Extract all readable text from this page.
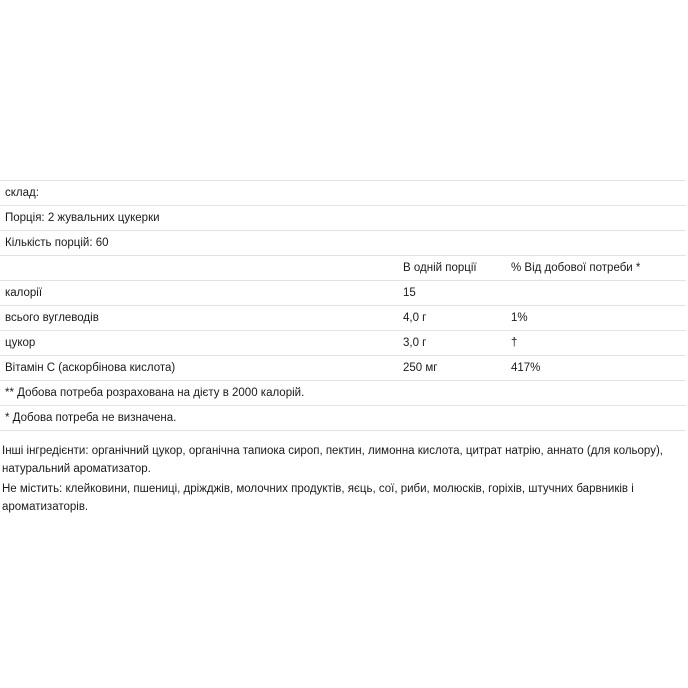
склад:		
Порція: 2 жувальних цукерки		
Кількість порцій: 60		
	В одній порції	% Від добової потреби *
калорії	15	
всього вуглеводів	4,0 г	1%
цукор	3,0 г	†
Вітамін С (аскорбінова кислота)	250 мг	417%
** Добова потреба розрахована на дієту в 2000 калорій.		
* Добова потреба не визначена.		

Інші інгредієнти: органічний цукор, органічна тапиока сироп, пектин, лимонна кислота, цитрат натрію, аннато (для кольору), натуральний ароматизатор.

Не містить: клейковини, пшениці, дріжджів, молочних продуктів, яєць, сої, риби, молюсків, горіхів, штучних барвників і ароматизаторів.
